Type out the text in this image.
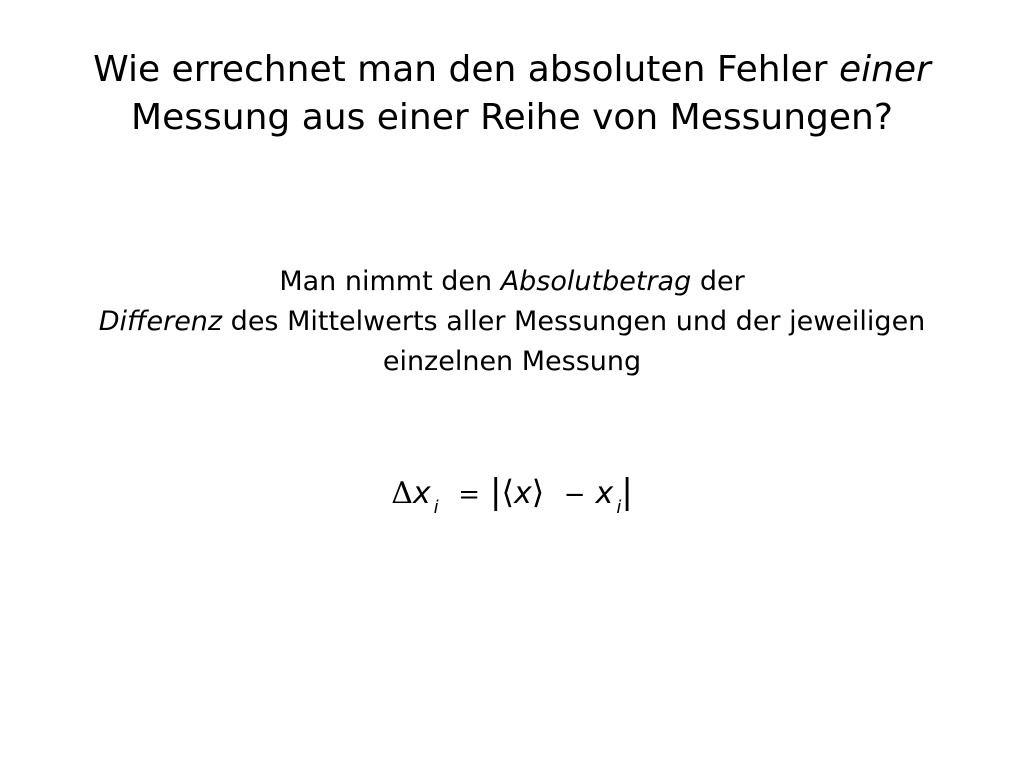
Wie errechnet man den absoluten Fehler einer
Messung aus einer Reihe von Messungen?

Man nimmt den Absolutbetrag der
Differenz des Mittelwerts aller Messungen und der jeweiligen
einzelnen Messung

Δx $_i$ = |⟨x⟩ − x $_i$|
